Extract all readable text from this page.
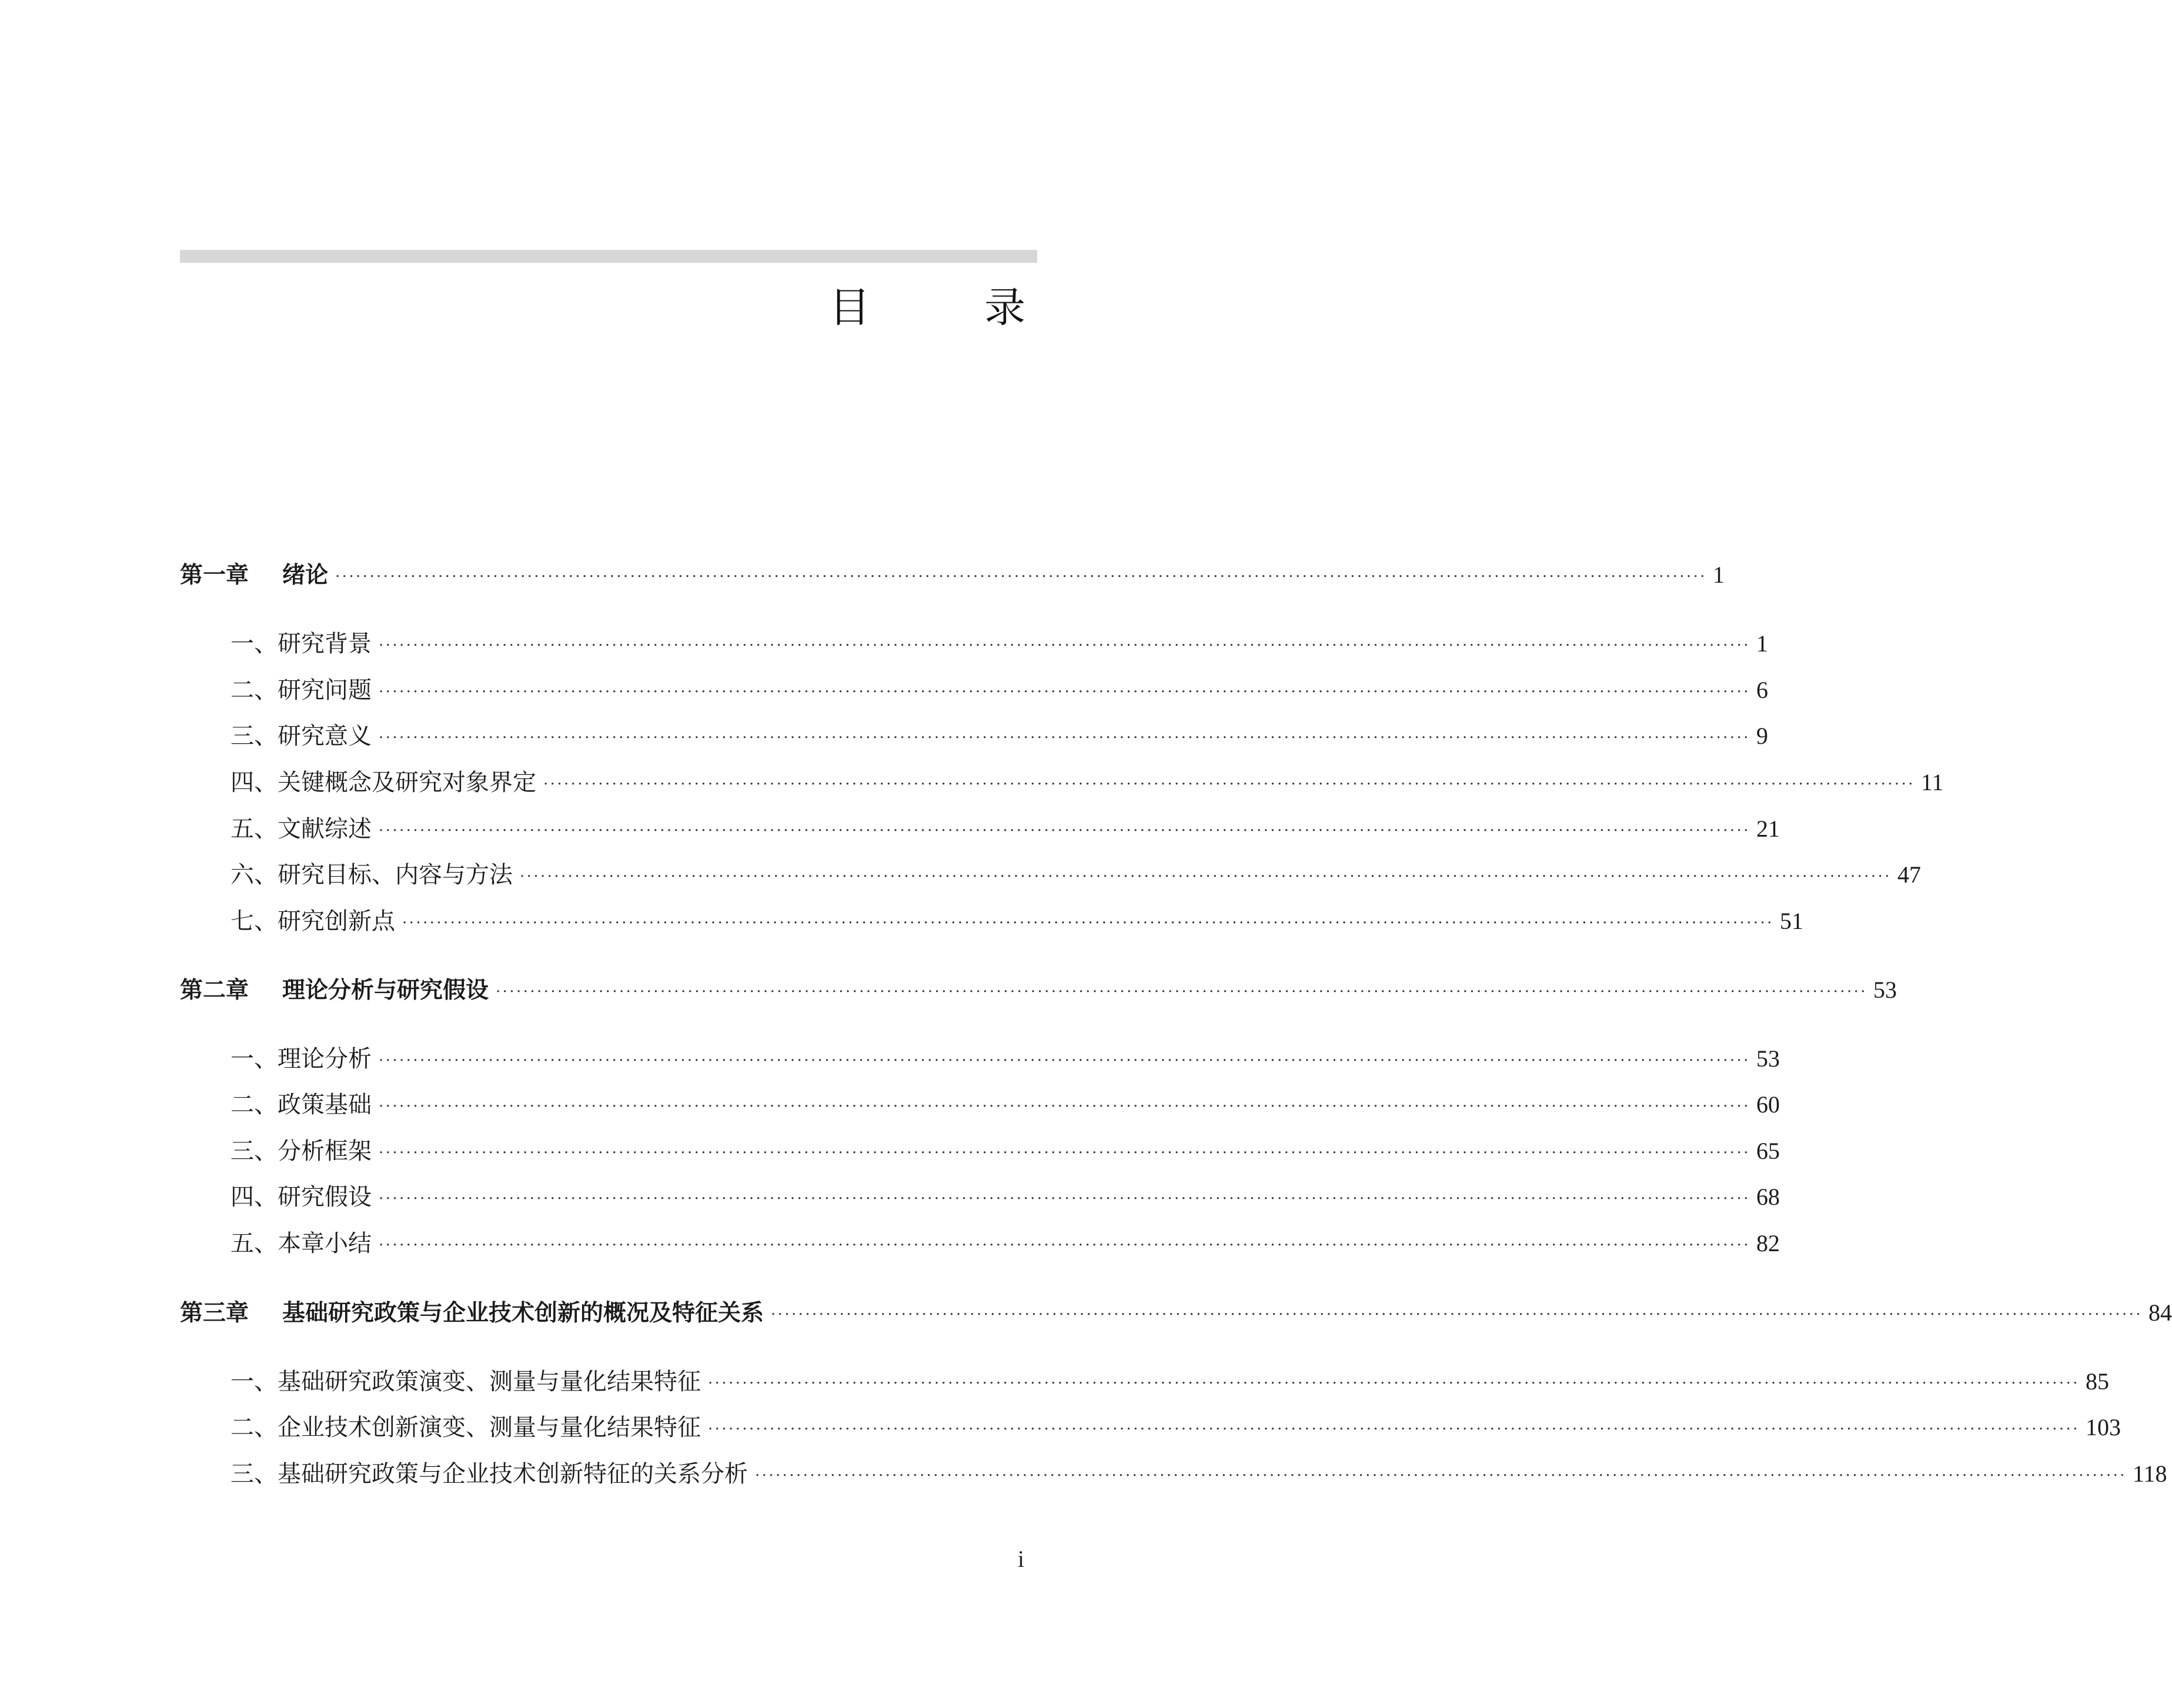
目　录
第一章	绪论 ········································································································································································································ 1
一、研究背景 ········································································································································································································ 1
二、研究问题 ········································································································································································································ 6
三、研究意义 ········································································································································································································ 9
四、关键概念及研究对象界定 ········································································································································································································ 11
五、文献综述 ········································································································································································································ 21
六、研究目标、内容与方法 ········································································································································································································ 47
七、研究创新点 ········································································································································································································ 51
第二章	理论分析与研究假设 ········································································································································································································ 53
一、理论分析 ········································································································································································································ 53
二、政策基础 ········································································································································································································ 60
三、分析框架 ········································································································································································································ 65
四、研究假设 ········································································································································································································ 68
五、本章小结 ········································································································································································································ 82
第三章	基础研究政策与企业技术创新的概况及特征关系 ········································································································································································································ 84
一、基础研究政策演变、测量与量化结果特征 ········································································································································································································ 85
二、企业技术创新演变、测量与量化结果特征 ········································································································································································································ 103
三、基础研究政策与企业技术创新特征的关系分析 ········································································································································································································ 118
i
